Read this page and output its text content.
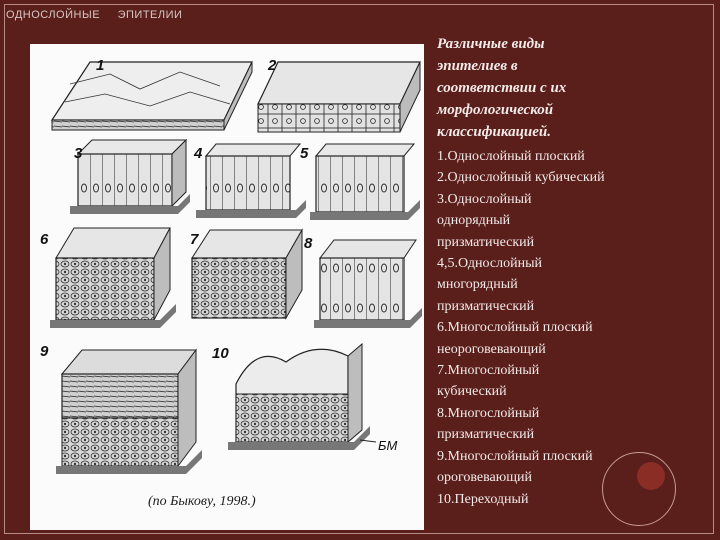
ОДНОСЛОЙНЫЕ ЭПИТЕЛИИ
1	2
3	4	5
6	7	8
9	10
БМ
(по Быкову, 1998.)
Различные виды
эпителиев в
соответствии с их
морфологической
классификацией.
1.Однослойный плоский
2.Однослойный кубический
3.Однослойный
однорядный
призматический
4,5.Однослойный
многорядный
призматический
6.Многослойный плоский
неороговевающий
7.Многослойный
кубический
8.Многослойный
призматический
9.Многослойный плоский
ороговевающий
10.Переходный
